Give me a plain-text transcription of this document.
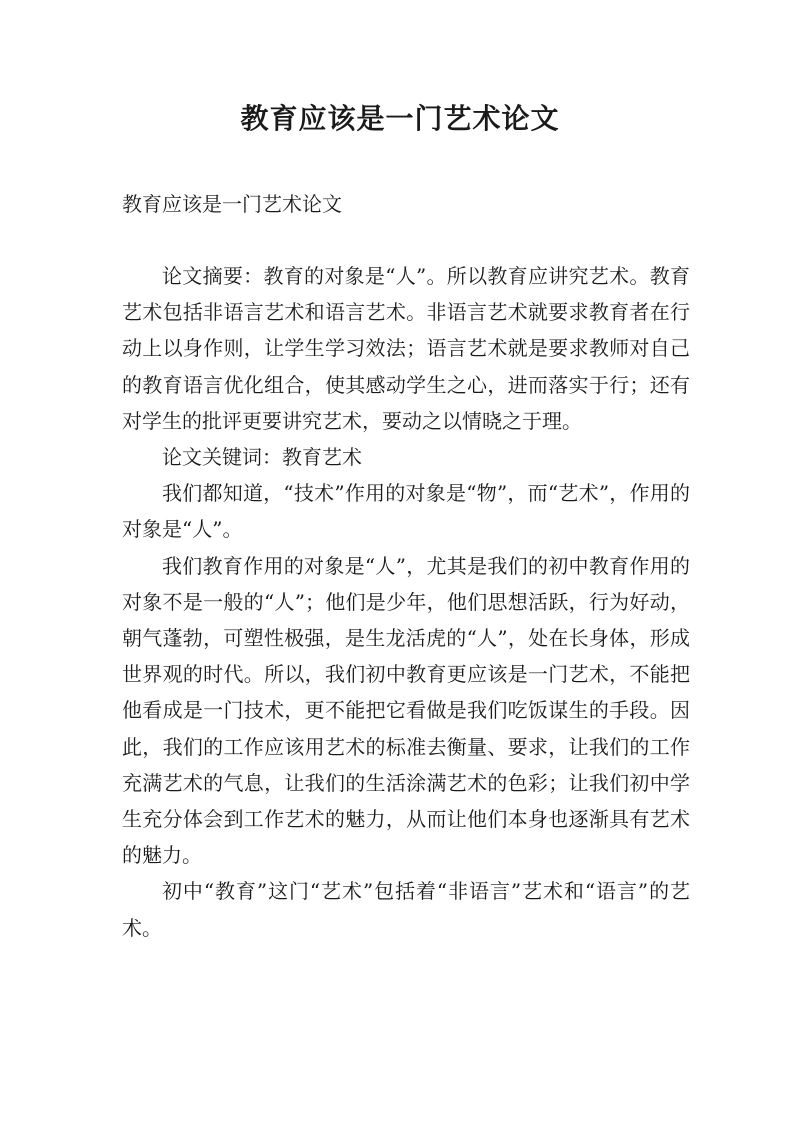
教育应该是一门艺术论文

教育应该是一门艺术论文

论文摘要：教育的对象是“人”。所以教育应讲究艺术。教育艺术包括非语言艺术和语言艺术。非语言艺术就要求教育者在行动上以身作则，让学生学习效法；语言艺术就是要求教师对自己的教育语言优化组合，使其感动学生之心，进而落实于行；还有对学生的批评更要讲究艺术，要动之以情晓之于理。

论文关键词：教育艺术

我们都知道，“技术”作用的对象是“物”，而“艺术”，作用的对象是“人”。

我们教育作用的对象是“人”，尤其是我们的初中教育作用的对象不是一般的“人”；他们是少年，他们思想活跃，行为好动，朝气蓬勃，可塑性极强，是生龙活虎的“人”，处在长身体，形成世界观的时代。所以，我们初中教育更应该是一门艺术，不能把他看成是一门技术，更不能把它看做是我们吃饭谋生的手段。因此，我们的工作应该用艺术的标准去衡量、要求，让我们的工作充满艺术的气息，让我们的生活涂满艺术的色彩；让我们初中学生充分体会到工作艺术的魅力，从而让他们本身也逐渐具有艺术的魅力。

初中“教育”这门“艺术”包括着“非语言”艺术和“语言”的艺术。
